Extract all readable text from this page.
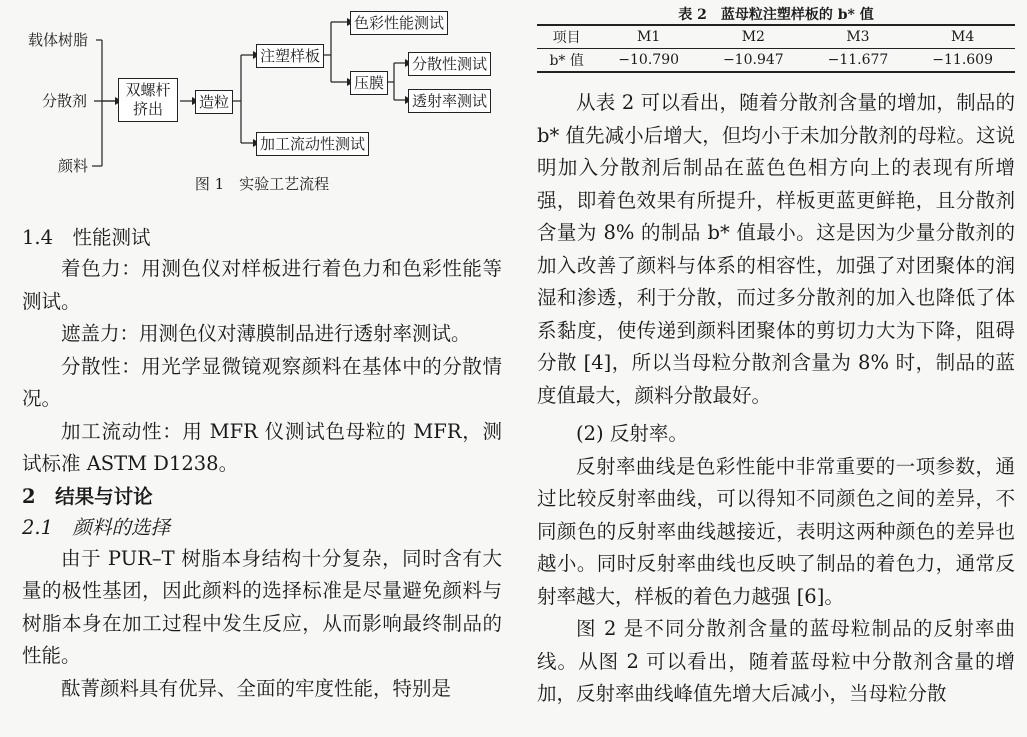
载体树脂
分散剂
颜料
双螺杆挤出	造粒
注塑样板
色彩性能测试
压膜
分散性测试
透射率测试
加工流动性测试
图 1　实验工艺流程

1.4　性能测试

着色力：用测色仪对样板进行着色力和色彩性能等测试。

遮盖力：用测色仪对薄膜制品进行透射率测试。

分散性：用光学显微镜观察颜料在基体中的分散情况。

加工流动性：用 MFR 仪测试色母粒的 MFR，测试标准 ASTM D1238。

2　结果与讨论

2.1　颜料的选择

由于 PUR–T 树脂本身结构十分复杂，同时含有大量的极性基团，因此颜料的选择标准是尽量避免颜料与树脂本身在加工过程中发生反应，从而影响最终制品的性能。

酞菁颜料具有优异、全面的牢度性能，特别是

表 2　蓝母粒注塑样板的 b* 值
项目	M1	M2	M3	M4
b* 值	−10.790	−10.947	−11.677	−11.609

从表 2 可以看出，随着分散剂含量的增加，制品的 b* 值先减小后增大，但均小于未加分散剂的母粒。这说明加入分散剂后制品在蓝色色相方向上的表现有所增强，即着色效果有所提升，样板更蓝更鲜艳，且分散剂含量为 8% 的制品 b* 值最小。这是因为少量分散剂的加入改善了颜料与体系的相容性，加强了对团聚体的润湿和渗透，利于分散，而过多分散剂的加入也降低了体系黏度，使传递到颜料团聚体的剪切力大为下降，阻碍分散 [4]，所以当母粒分散剂含量为 8% 时，制品的蓝度值最大，颜料分散最好。

(2) 反射率。

反射率曲线是色彩性能中非常重要的一项参数，通过比较反射率曲线，可以得知不同颜色之间的差异，不同颜色的反射率曲线越接近，表明这两种颜色的差异也越小。同时反射率曲线也反映了制品的着色力，通常反射率越大，样板的着色力越强 [6]。

图 2 是不同分散剂含量的蓝母粒制品的反射率曲线。从图 2 可以看出，随着蓝母粒中分散剂含量的增加，反射率曲线峰值先增大后减小，当母粒分散
